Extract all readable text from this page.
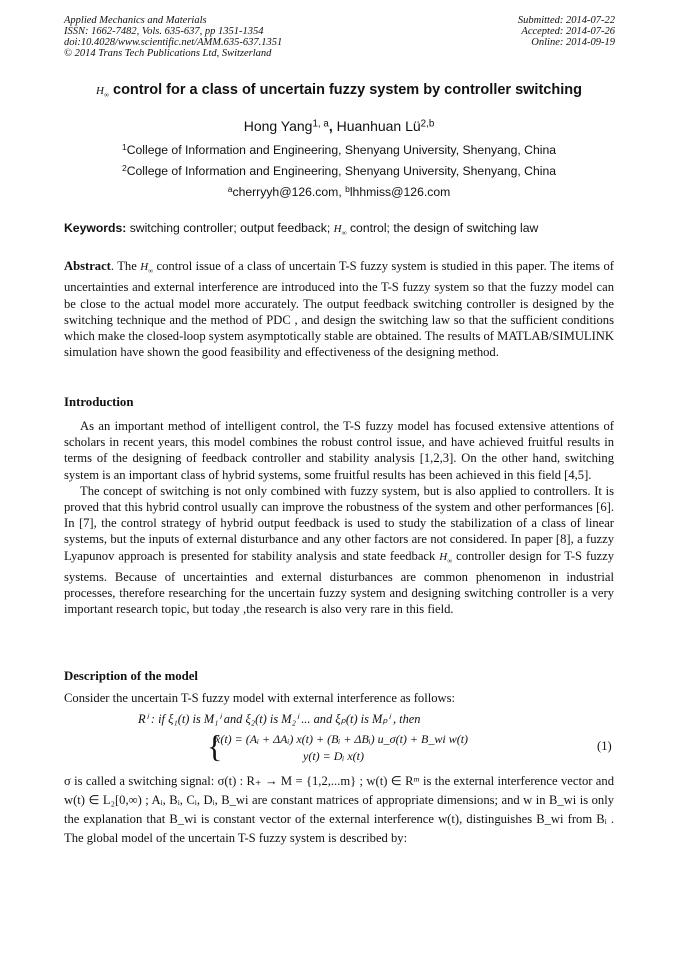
Applied Mechanics and Materials
ISSN: 1662-7482, Vols. 635-637, pp 1351-1354
doi:10.4028/www.scientific.net/AMM.635-637.1351
© 2014 Trans Tech Publications Ltd, Switzerland
Submitted: 2014-07-22
Accepted: 2014-07-26
Online: 2014-09-19
$H_\infty$ control for a class of uncertain fuzzy system by controller switching
Hong Yang$^{1, a}$, Huanhuan Lü$^{2,b}$
$^1$College of Information and Engineering, Shenyang University, Shenyang, China
$^2$College of Information and Engineering, Shenyang University, Shenyang, China
$^a$cherryyh@126.com, $^b$lhhmiss@126.com
Keywords: switching controller; output feedback; $H_\infty$ control; the design of switching law

Abstract. The $H_\infty$ control issue of a class of uncertain T-S fuzzy system is studied in this paper. The items of uncertainties and external interference are introduced into the T-S fuzzy system so that the fuzzy model can be close to the actual model more accurately. The output feedback switching controller is designed by the switching technique and the method of PDC , and design the switching law so that the sufficient conditions which make the closed-loop system asymptotically stable are obtained. The results of MATLAB/SIMULINK simulation have shown the good feasibility and effectiveness of the designing method.

Introduction

As an important method of intelligent control, the T-S fuzzy model has focused extensive attentions of scholars in recent years, this model combines the robust control issue, and have achieved fruitful results in terms of the designing of feedback controller and stability analysis [1,2,3]. On the other hand, switching system is an important class of hybrid systems, some fruitful results has been achieved in this field [4,5].

The concept of switching is not only combined with fuzzy system, but is also applied to controllers. It is proved that this hybrid control usually can improve the robustness of the system and other performances [6]. In [7], the control strategy of hybrid output feedback is used to study the stabilization of a class of linear systems, but the inputs of external disturbance and any other factors are not considered. In paper [8], a fuzzy Lyapunov approach is presented for stability analysis and state feedback $H_\infty$ controller design for T-S fuzzy systems. Because of uncertainties and external disturbances are common phenomenon in industrial processes, therefore researching for the uncertain fuzzy system and designing switching controller is a very important research topic, but today ,the research is also very rare in this field.

Description of the model
Consider the uncertain T-S fuzzy model with external interference as follows:
Rⁱ : if ξ₁(t) is M₁ⁱ and ξ₂(t) is M₂ⁱ ... and ξₚ(t) is Mₚⁱ , then
{
ẋ(t) = (Aᵢ + ΔAᵢ) x(t) + (Bᵢ + ΔBᵢ) u_σ(t) + B_wi w(t)
y(t) = Dᵢ x(t)
(1)
σ is called a switching signal: σ(t) : R₊ → M = {1,2,...m} ; w(t) ∈ Rᵐ is the external interference vector and w(t) ∈ L₂[0,∞) ; Aᵢ, Bᵢ, Cᵢ, Dᵢ, B_wi are constant matrices of appropriate dimensions; and w in B_wi is only the explanation that B_wi is constant vector of the external interference w(t), distinguishes B_wi from Bᵢ . The global model of the uncertain T-S fuzzy system is described by:
